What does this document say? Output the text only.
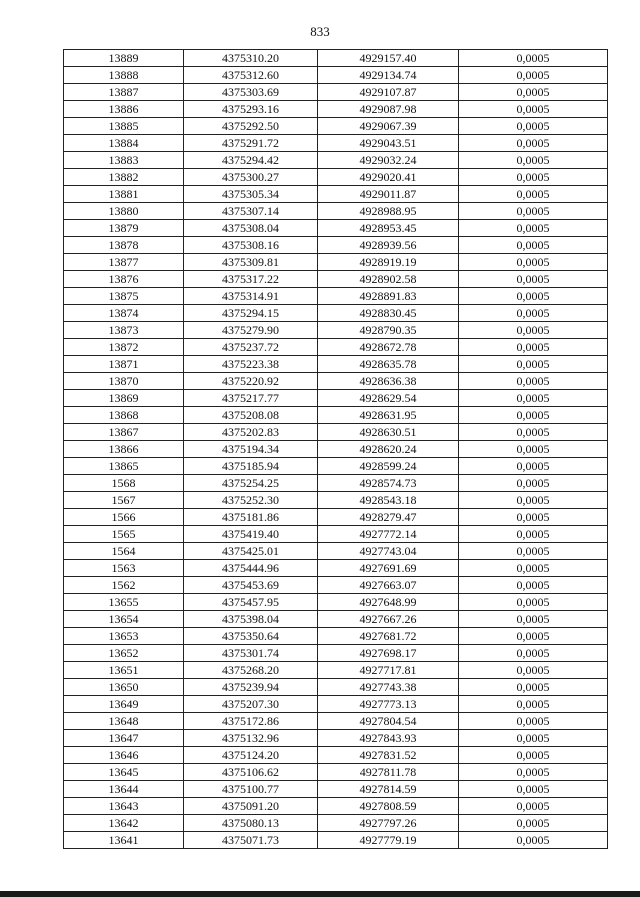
833
13889	4375310.20	4929157.40	0,0005
13888	4375312.60	4929134.74	0,0005
13887	4375303.69	4929107.87	0,0005
13886	4375293.16	4929087.98	0,0005
13885	4375292.50	4929067.39	0,0005
13884	4375291.72	4929043.51	0,0005
13883	4375294.42	4929032.24	0,0005
13882	4375300.27	4929020.41	0,0005
13881	4375305.34	4929011.87	0,0005
13880	4375307.14	4928988.95	0,0005
13879	4375308.04	4928953.45	0,0005
13878	4375308.16	4928939.56	0,0005
13877	4375309.81	4928919.19	0,0005
13876	4375317.22	4928902.58	0,0005
13875	4375314.91	4928891.83	0,0005
13874	4375294.15	4928830.45	0,0005
13873	4375279.90	4928790.35	0,0005
13872	4375237.72	4928672.78	0,0005
13871	4375223.38	4928635.78	0,0005
13870	4375220.92	4928636.38	0,0005
13869	4375217.77	4928629.54	0,0005
13868	4375208.08	4928631.95	0,0005
13867	4375202.83	4928630.51	0,0005
13866	4375194.34	4928620.24	0,0005
13865	4375185.94	4928599.24	0,0005
1568	4375254.25	4928574.73	0,0005
1567	4375252.30	4928543.18	0,0005
1566	4375181.86	4928279.47	0,0005
1565	4375419.40	4927772.14	0,0005
1564	4375425.01	4927743.04	0,0005
1563	4375444.96	4927691.69	0,0005
1562	4375453.69	4927663.07	0,0005
13655	4375457.95	4927648.99	0,0005
13654	4375398.04	4927667.26	0,0005
13653	4375350.64	4927681.72	0,0005
13652	4375301.74	4927698.17	0,0005
13651	4375268.20	4927717.81	0,0005
13650	4375239.94	4927743.38	0,0005
13649	4375207.30	4927773.13	0,0005
13648	4375172.86	4927804.54	0,0005
13647	4375132.96	4927843.93	0,0005
13646	4375124.20	4927831.52	0,0005
13645	4375106.62	4927811.78	0,0005
13644	4375100.77	4927814.59	0,0005
13643	4375091.20	4927808.59	0,0005
13642	4375080.13	4927797.26	0,0005
13641	4375071.73	4927779.19	0,0005
